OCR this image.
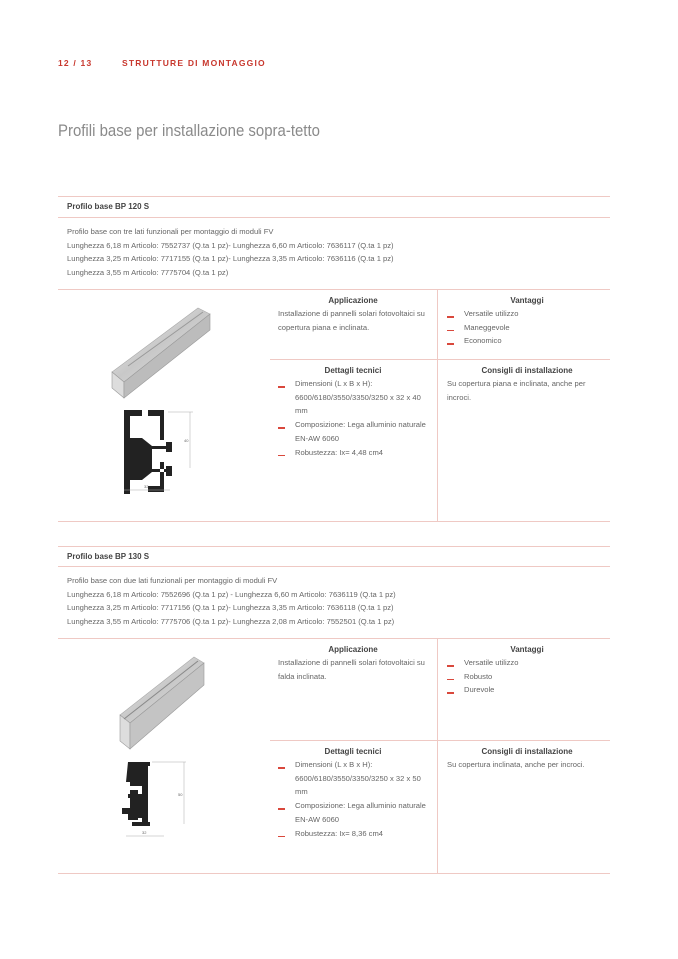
12 / 13	STRUTTURE DI MONTAGGIO
Profili base per installazione sopra-tetto
Profilo base BP 120 S
Profilo base con tre lati funzionali per montaggio di moduli FV
Lunghezza 6,18 m Articolo: 7552737 (Q.ta 1 pz)- Lunghezza 6,60 m Articolo: 7636117 (Q.ta 1 pz)
Lunghezza 3,25 m Articolo: 7717155 (Q.ta 1 pz)- Lunghezza 3,35 m Articolo: 7636116 (Q.ta 1 pz)
Lunghezza 3,55 m Articolo: 7775704 (Q.ta 1 pz)
Applicazione
Installazione di pannelli solari fotovoltaici su copertura piana e inclinata.
Vantaggi
Versatile utilizzo
Maneggevole
Economico
Dettagli tecnici
Dimensioni (L x B x H): 6600/6180/3550/3350/3250 x 32 x 40 mm
Composizione: Lega alluminio naturale EN-AW 6060
Robustezza: Ix= 4,48 cm4
Consigli di installazione
Su copertura piana e inclinata, anche per incroci.
32
40
Profilo base BP 130 S
Profilo base con due lati funzionali per montaggio di moduli FV
Lunghezza 6,18 m Articolo: 7552696 (Q.ta 1 pz) - Lunghezza 6,60 m Articolo: 7636119 (Q.ta 1 pz)
Lunghezza 3,25 m Articolo: 7717156 (Q.ta 1 pz)- Lunghezza 3,35 m Articolo: 7636118 (Q.ta 1 pz)
Lunghezza 3,55 m Articolo: 7775706 (Q.ta 1 pz)- Lunghezza 2,08 m Articolo: 7552501 (Q.ta 1 pz)
Applicazione
Installazione di pannelli solari fotovoltaici su falda inclinata.
Vantaggi
Versatile utilizzo
Robusto
Durevole
Dettagli tecnici
Dimensioni (L x B x H): 6600/6180/3550/3350/3250 x 32 x 50 mm
Composizione: Lega alluminio naturale EN-AW 6060
Robustezza: Ix= 8,36 cm4
Consigli di installazione
Su copertura inclinata, anche per incroci.
32
50
